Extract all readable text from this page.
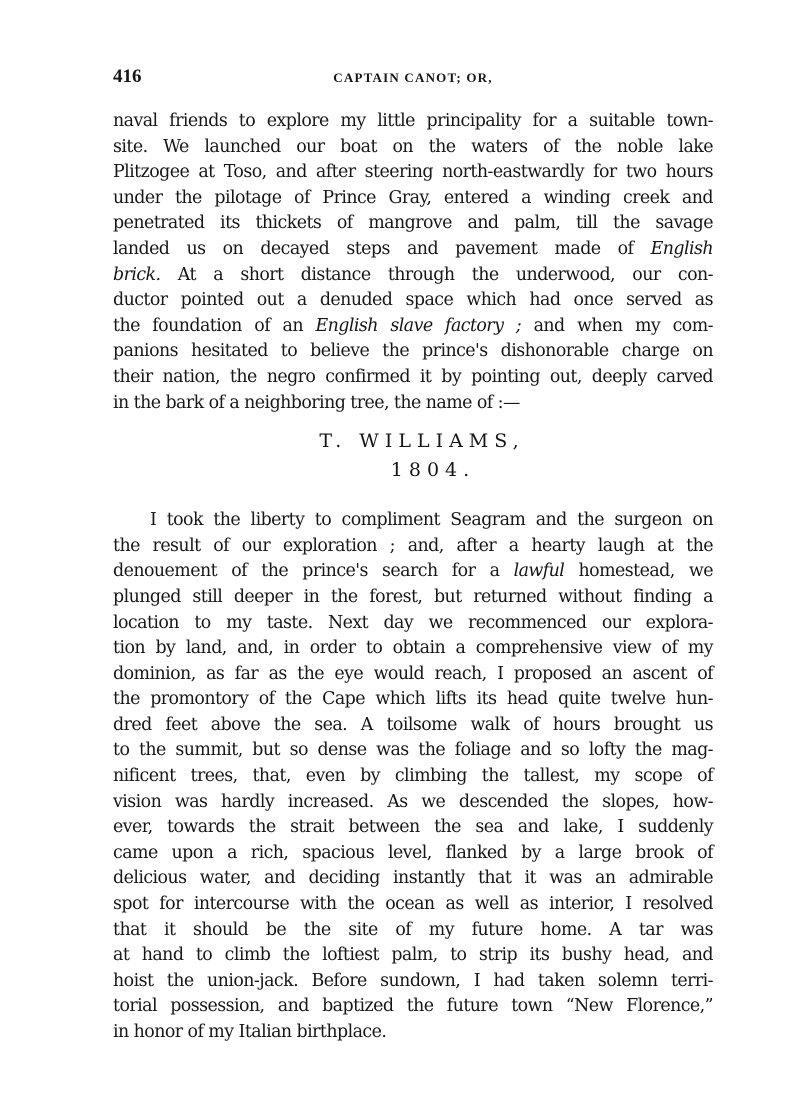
416	CAPTAIN CANOT; OR,
naval friends to explore my little principality for a suitable town-
site. We launched our boat on the waters of the noble lake
Plitzogee at Toso, and after steering north-eastwardly for two hours
under the pilotage of Prince Gray, entered a winding creek and
penetrated its thickets of mangrove and palm, till the savage
landed us on decayed steps and pavement made of English
brick. At a short distance through the underwood, our con-
ductor pointed out a denuded space which had once served as
the foundation of an English slave factory ; and when my com-
panions hesitated to believe the prince's dishonorable charge on
their nation, the negro confirmed it by pointing out, deeply carved
in the bark of a neighboring tree, the name of :—
T. WILLIAMS,
1804.
I took the liberty to compliment Seagram and the surgeon on
the result of our exploration ; and, after a hearty laugh at the
denouement of the prince's search for a lawful homestead, we
plunged still deeper in the forest, but returned without finding a
location to my taste. Next day we recommenced our explora-
tion by land, and, in order to obtain a comprehensive view of my
dominion, as far as the eye would reach, I proposed an ascent of
the promontory of the Cape which lifts its head quite twelve hun-
dred feet above the sea. A toilsome walk of hours brought us
to the summit, but so dense was the foliage and so lofty the mag-
nificent trees, that, even by climbing the tallest, my scope of
vision was hardly increased. As we descended the slopes, how-
ever, towards the strait between the sea and lake, I suddenly
came upon a rich, spacious level, flanked by a large brook of
delicious water, and deciding instantly that it was an admirable
spot for intercourse with the ocean as well as interior, I resolved
that it should be the site of my future home. A tar was
at hand to climb the loftiest palm, to strip its bushy head, and
hoist the union-jack. Before sundown, I had taken solemn terri-
torial possession, and baptized the future town “New Florence,”
in honor of my Italian birthplace.
